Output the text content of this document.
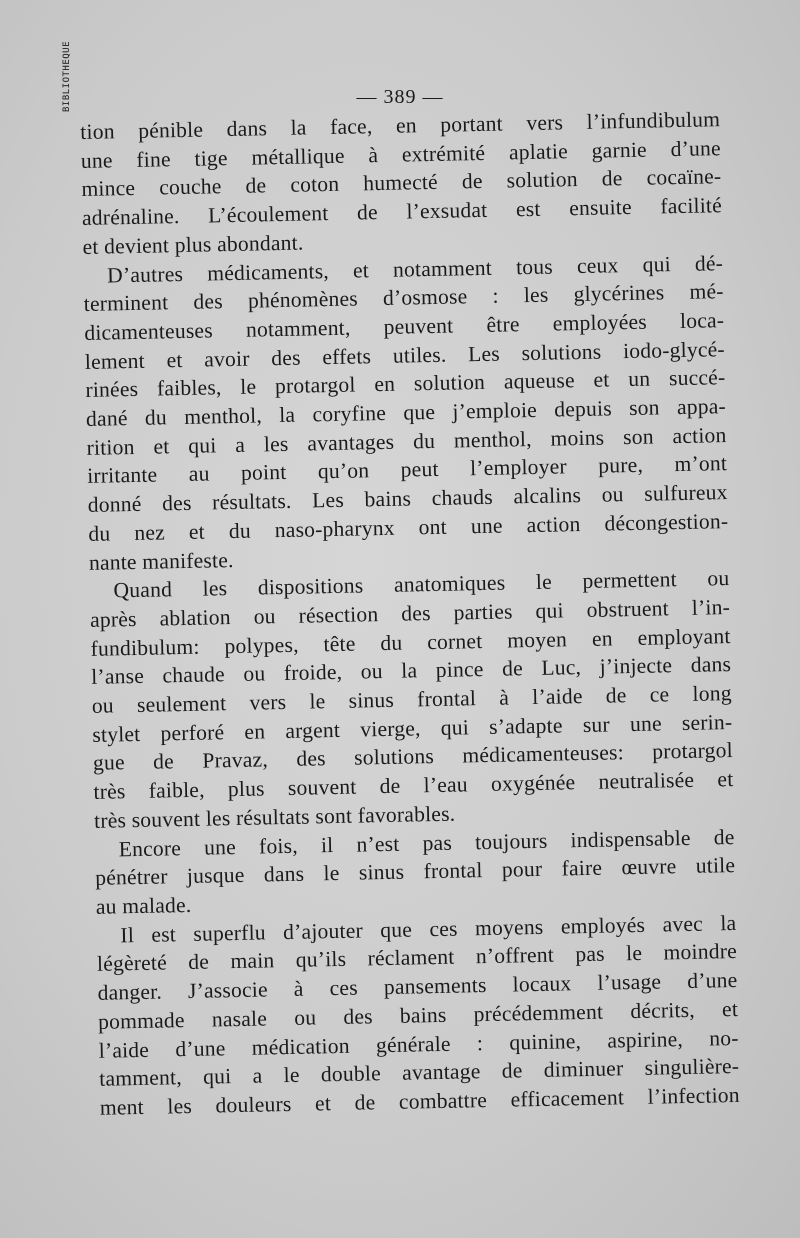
BIBLIOTHEQUE	— 389 —
tion pénible dans la face, en portant vers l’infundibulum
une fine tige métallique à extrémité aplatie garnie d’une
mince couche de coton humecté de solution de cocaïne-
adrénaline. L’écoulement de l’exsudat est ensuite facilité
et devient plus abondant.
D’autres médicaments, et notamment tous ceux qui dé-
terminent des phénomènes d’osmose : les glycérines mé-
dicamenteuses notamment, peuvent être employées loca-
lement et avoir des effets utiles. Les solutions iodo-glycé-
rinées faibles, le protargol en solution aqueuse et un succé-
dané du menthol, la coryfine que j’emploie depuis son appa-
rition et qui a les avantages du menthol, moins son action
irritante au point qu’on peut l’employer pure, m’ont
donné des résultats. Les bains chauds alcalins ou sulfureux
du nez et du naso-pharynx ont une action décongestion-
nante manifeste.
Quand les dispositions anatomiques le permettent ou
après ablation ou résection des parties qui obstruent l’in-
fundibulum: polypes, tête du cornet moyen en employant
l’anse chaude ou froide, ou la pince de Luc, j’injecte dans
ou seulement vers le sinus frontal à l’aide de ce long
stylet perforé en argent vierge, qui s’adapte sur une serin-
gue de Pravaz, des solutions médicamenteuses: protargol
très faible, plus souvent de l’eau oxygénée neutralisée et
très souvent les résultats sont favorables.
Encore une fois, il n’est pas toujours indispensable de
pénétrer jusque dans le sinus frontal pour faire œuvre utile
au malade.
Il est superflu d’ajouter que ces moyens employés avec la
légèreté de main qu’ils réclament n’offrent pas le moindre
danger. J’associe à ces pansements locaux l’usage d’une
pommade nasale ou des bains précédemment décrits, et
l’aide d’une médication générale : quinine, aspirine, no-
tamment, qui a le double avantage de diminuer singulière-
ment les douleurs et de combattre efficacement l’infection
